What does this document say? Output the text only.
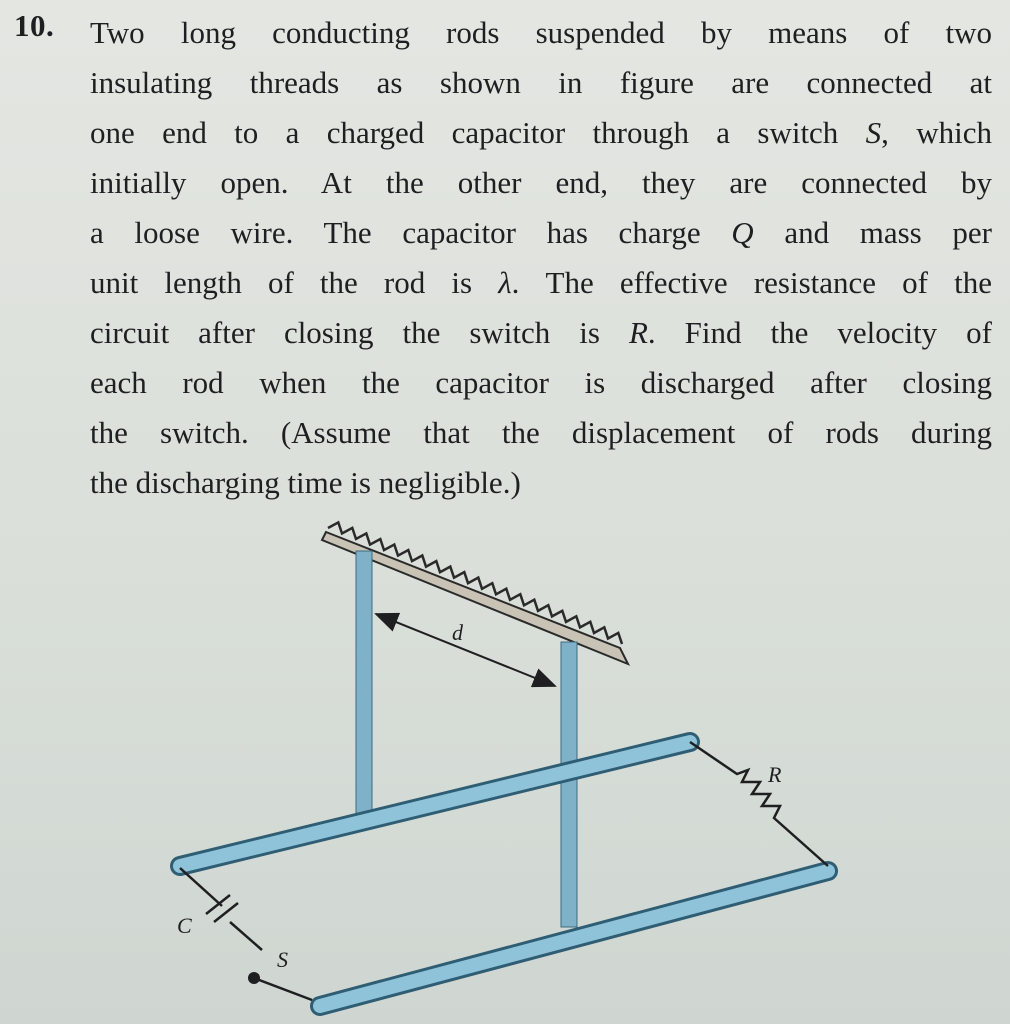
10. Two long conducting rods suspended by means of two
insulating threads as shown in figure are connected at
one end to a charged capacitor through a switch S, which
initially open. At the other end, they are connected by
a loose wire. The capacitor has charge Q and mass per
unit length of the rod is λ. The effective resistance of the
circuit after closing the switch is R. Find the velocity of
each rod when the capacitor is discharged after closing
the switch. (Assume that the displacement of rods during
the discharging time is negligible.)
d
R
C
S
